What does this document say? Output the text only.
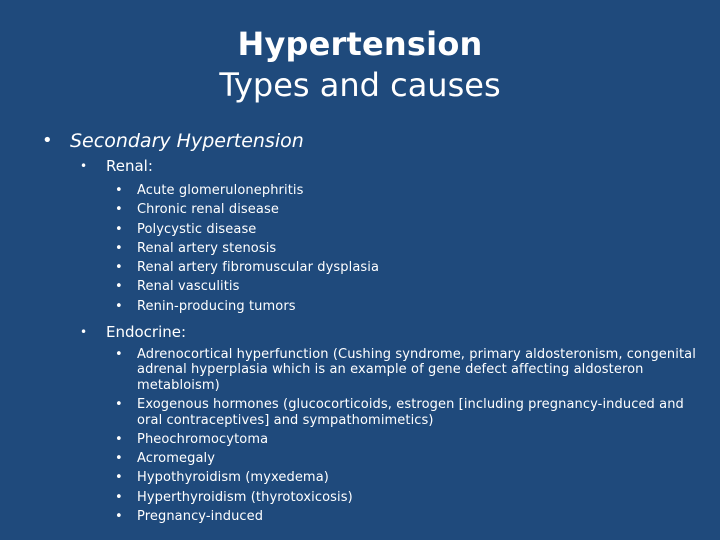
Hypertension
Types and causes
• Secondary Hypertension
• Renal:
• Acute glomerulonephritis
• Chronic renal disease
• Polycystic disease
• Renal artery stenosis
• Renal artery fibromuscular dysplasia
• Renal vasculitis
• Renin-producing tumors
• Endocrine:
• Adrenocortical hyperfunction (Cushing syndrome, primary aldosteronism, congenital adrenal hyperplasia which is an example of gene defect affecting aldosteron metabloism)
• Exogenous hormones (glucocorticoids, estrogen [including pregnancy-induced and oral contraceptives] and sympathomimetics)
• Pheochromocytoma
• Acromegaly
• Hypothyroidism (myxedema)
• Hyperthyroidism (thyrotoxicosis)
• Pregnancy-induced
